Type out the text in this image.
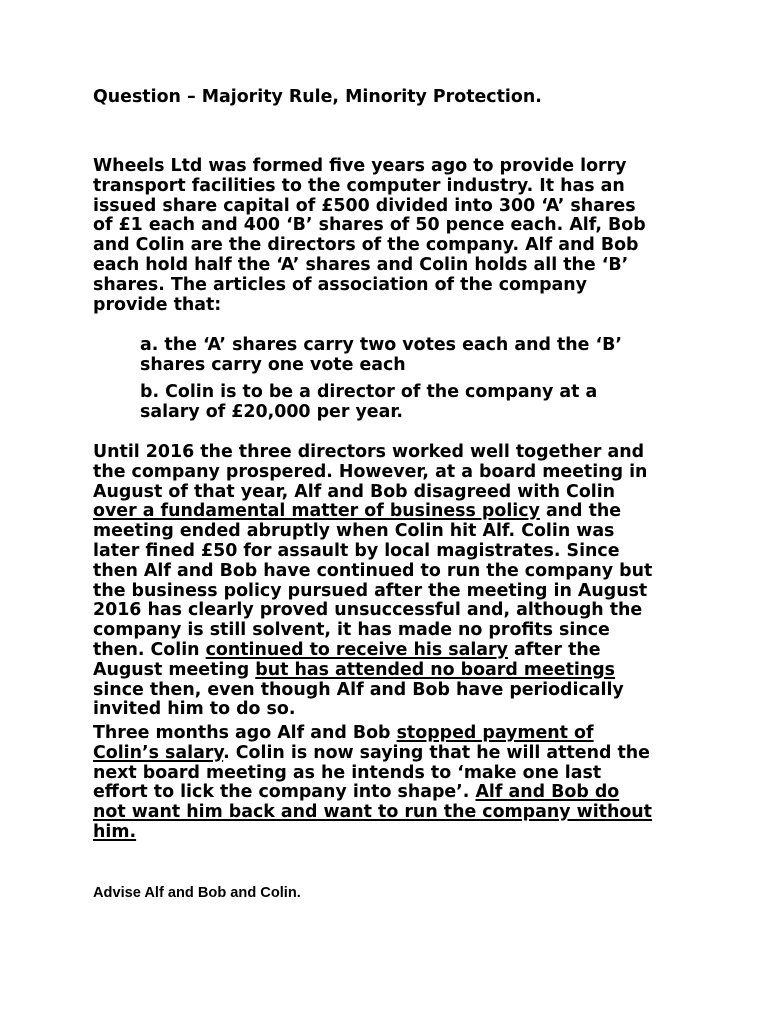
Question – Majority Rule, Minority Protection.
Wheels Ltd was formed five years ago to provide lorry
transport facilities to the computer industry. It has an
issued share capital of £500 divided into 300 ‘A’ shares
of £1 each and 400 ‘B’ shares of 50 pence each. Alf, Bob
and Colin are the directors of the company. Alf and Bob
each hold half the ‘A’ shares and Colin holds all the ‘B’
shares. The articles of association of the company
provide that:
a. the ‘A’ shares carry two votes each and the ‘B’
shares carry one vote each
b. Colin is to be a director of the company at a
salary of £20,000 per year.
Until 2016 the three directors worked well together and
the company prospered. However, at a board meeting in
August of that year, Alf and Bob disagreed with Colin
over a fundamental matter of business policy and the
meeting ended abruptly when Colin hit Alf. Colin was
later fined £50 for assault by local magistrates. Since
then Alf and Bob have continued to run the company but
the business policy pursued after the meeting in August
2016 has clearly proved unsuccessful and, although the
company is still solvent, it has made no profits since
then. Colin continued to receive his salary after the
August meeting but has attended no board meetings
since then, even though Alf and Bob have periodically
invited him to do so.
Three months ago Alf and Bob stopped payment of
Colin’s salary. Colin is now saying that he will attend the
next board meeting as he intends to ‘make one last
effort to lick the company into shape’. Alf and Bob do
not want him back and want to run the company without
him.

Advise Alf and Bob and Colin.
